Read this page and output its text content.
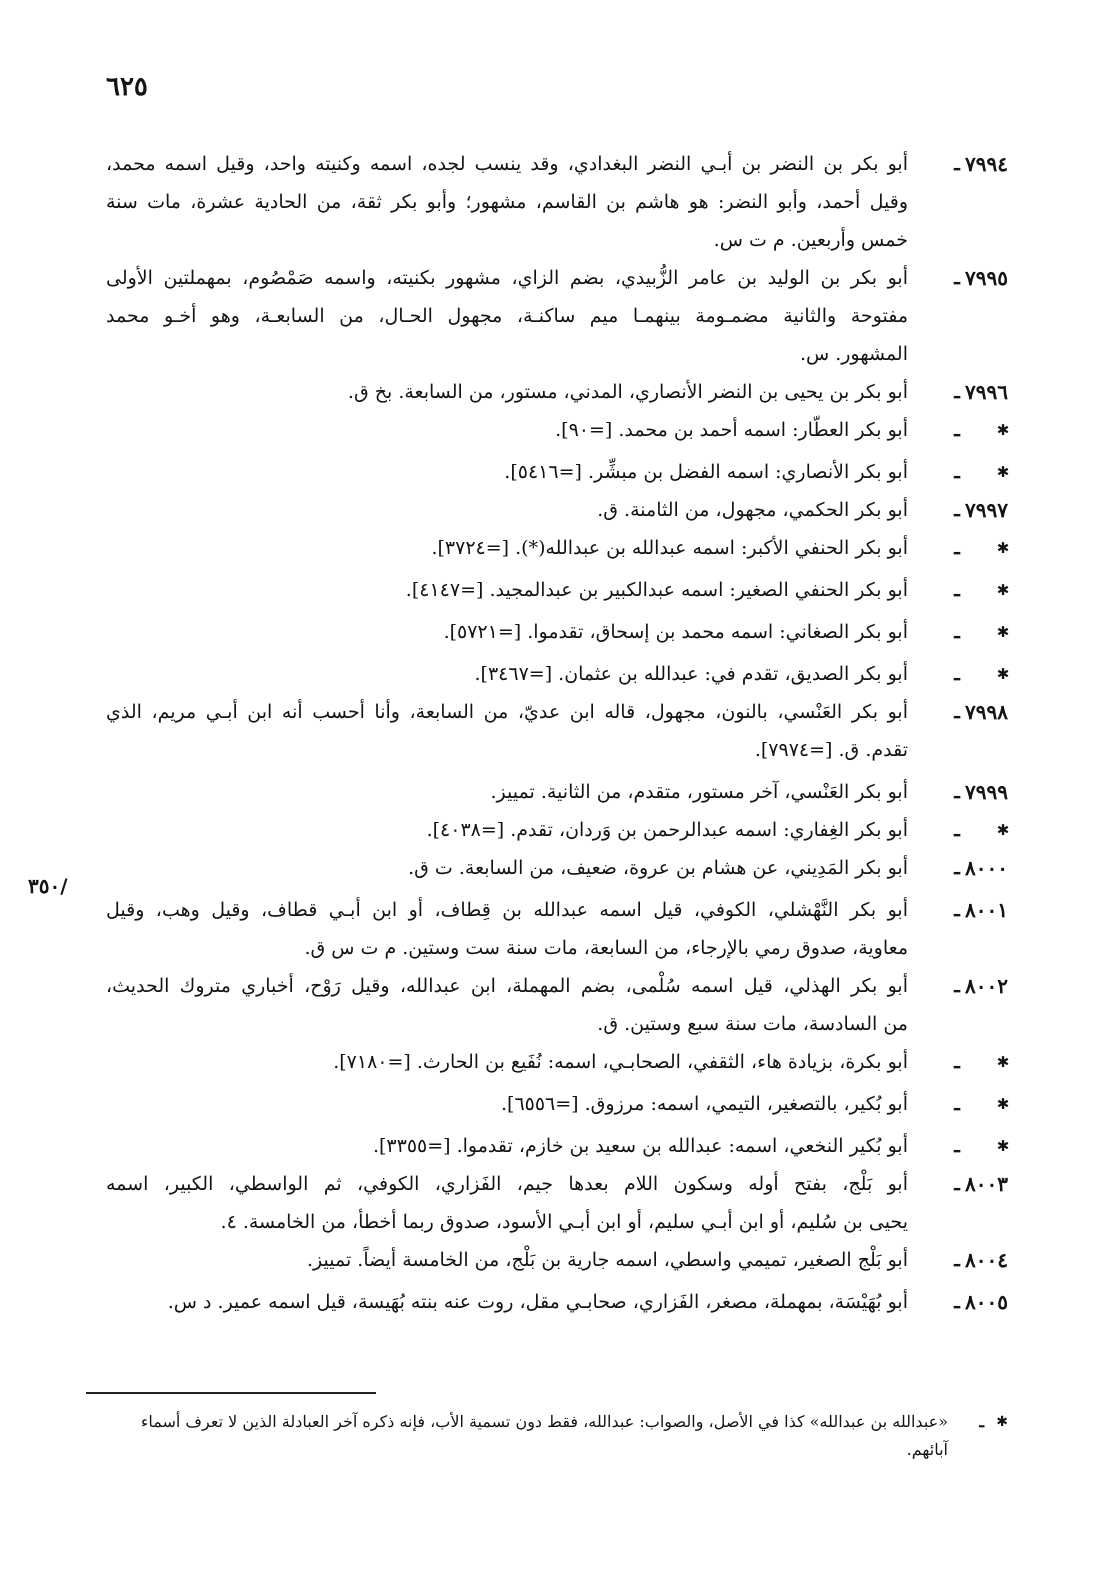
٦٢٥
/٣٥٠
٧٩٩٤
ـ
أبو بكر بن النضر بن أبـي النضر البغدادي، وقد ينسب لجده، اسمه وكنيته واحد، وقيل اسمه محمد،
وقيل أحمد، وأبو النضر: هو هاشم بن القاسم، مشهور؛ وأبو بكر ثقة، من الحادية عشرة، مات سنة
خمس وأربعين. م ت س.
٧٩٩٥
ـ
أبو بكر بن الوليد بن عامر الزُّبيدي، بضم الزاي، مشهور بكنيته، واسمه صَمْصُوم، بمهملتين الأولى
مفتوحة والثانية مضمـومة بينهمـا ميم ساكنـة، مجهول الحـال، من السابعـة، وهو أخـو محمد
المشهور. س.
٧٩٩٦
ـ
أبو بكر بن يحيى بن النضر الأنصاري، المدني، مستور، من السابعة. بخ ق.
✱
ـ
أبو بكر العطّار: اسمه أحمد بن محمد. [=٩٠].
✱
ـ
أبو بكر الأنصاري: اسمه الفضل بن مبشِّر. [=٥٤١٦].
٧٩٩٧
ـ
أبو بكر الحكمي، مجهول، من الثامنة. ق.
✱
ـ
أبو بكر الحنفي الأكبر: اسمه عبدالله بن عبدالله(*). [=٣٧٢٤].
✱
ـ
أبو بكر الحنفي الصغير: اسمه عبدالكبير بن عبدالمجيد. [=٤١٤٧].
✱
ـ
أبو بكر الصغاني: اسمه محمد بن إسحاق، تقدموا. [=٥٧٢١].
✱
ـ
أبو بكر الصديق، تقدم في: عبدالله بن عثمان. [=٣٤٦٧].
٧٩٩٨
ـ
أبو بكر العَنْسي، بالنون، مجهول، قاله ابن عديّ، من السابعة، وأنا أحسب أنه ابن أبـي مريم، الذي
تقدم. ق. [=٧٩٧٤].
٧٩٩٩
ـ
أبو بكر العَنْسي، آخر مستور، متقدم، من الثانية. تمييز.
✱
ـ
أبو بكر الغِفاري: اسمه عبدالرحمن بن وَردان، تقدم. [=٤٠٣٨].
٨٠٠٠
ـ
أبو بكر المَدِيني، عن هشام بن عروة، ضعيف، من السابعة. ت ق.
٨٠٠١
ـ
أبو بكر النَّهْشلي، الكوفي، قيل اسمه عبدالله بن قِطاف، أو ابن أبـي قطاف، وقيل وهب، وقيل
معاوية، صدوق رمي بالإرجاء، من السابعة، مات سنة ست وستين. م ت س ق.
٨٠٠٢
ـ
أبو بكر الهذلي، قيل اسمه سُلْمى، بضم المهملة، ابن عبدالله، وقيل رَوْح، أخباري متروك الحديث،
من السادسة، مات سنة سبع وستين. ق.
✱
ـ
أبو بكرة، بزيادة هاء، الثقفي، الصحابـي، اسمه: نُفَيع بن الحارث. [=٧١٨٠].
✱
ـ
أبو بُكير، بالتصغير، التيمي، اسمه: مرزوق. [=٦٥٥٦].
✱
ـ
أبو بُكير النخعي، اسمه: عبدالله بن سعيد بن خازم، تقدموا. [=٣٣٥٥].
٨٠٠٣
ـ
أبو بَلْج، بفتح أوله وسكون اللام بعدها جيم، الفَزاري، الكوفي، ثم الواسطي، الكبير، اسمه
يحيى بن سُليم، أو ابن أبـي سليم، أو ابن أبـي الأسود، صدوق ربما أخطأ، من الخامسة. ٤.
٨٠٠٤
ـ
أبو بَلْج الصغير، تميمي واسطي، اسمه جارية بن بَلْج، من الخامسة أيضاً. تمييز.
٨٠٠٥
ـ
أبو بُهَيْسَة، بمهملة، مصغر، الفَزاري، صحابـي مقل، روت عنه بنته بُهَيسة، قيل اسمه عمير. د س.
✱
ـ
«عبدالله بن عبدالله» كذا في الأصل، والصواب: عبدالله، فقط دون تسمية الأب، فإنه ذكره آخر العبادلة الذين لا تعرف أسماء
آبائهم.
